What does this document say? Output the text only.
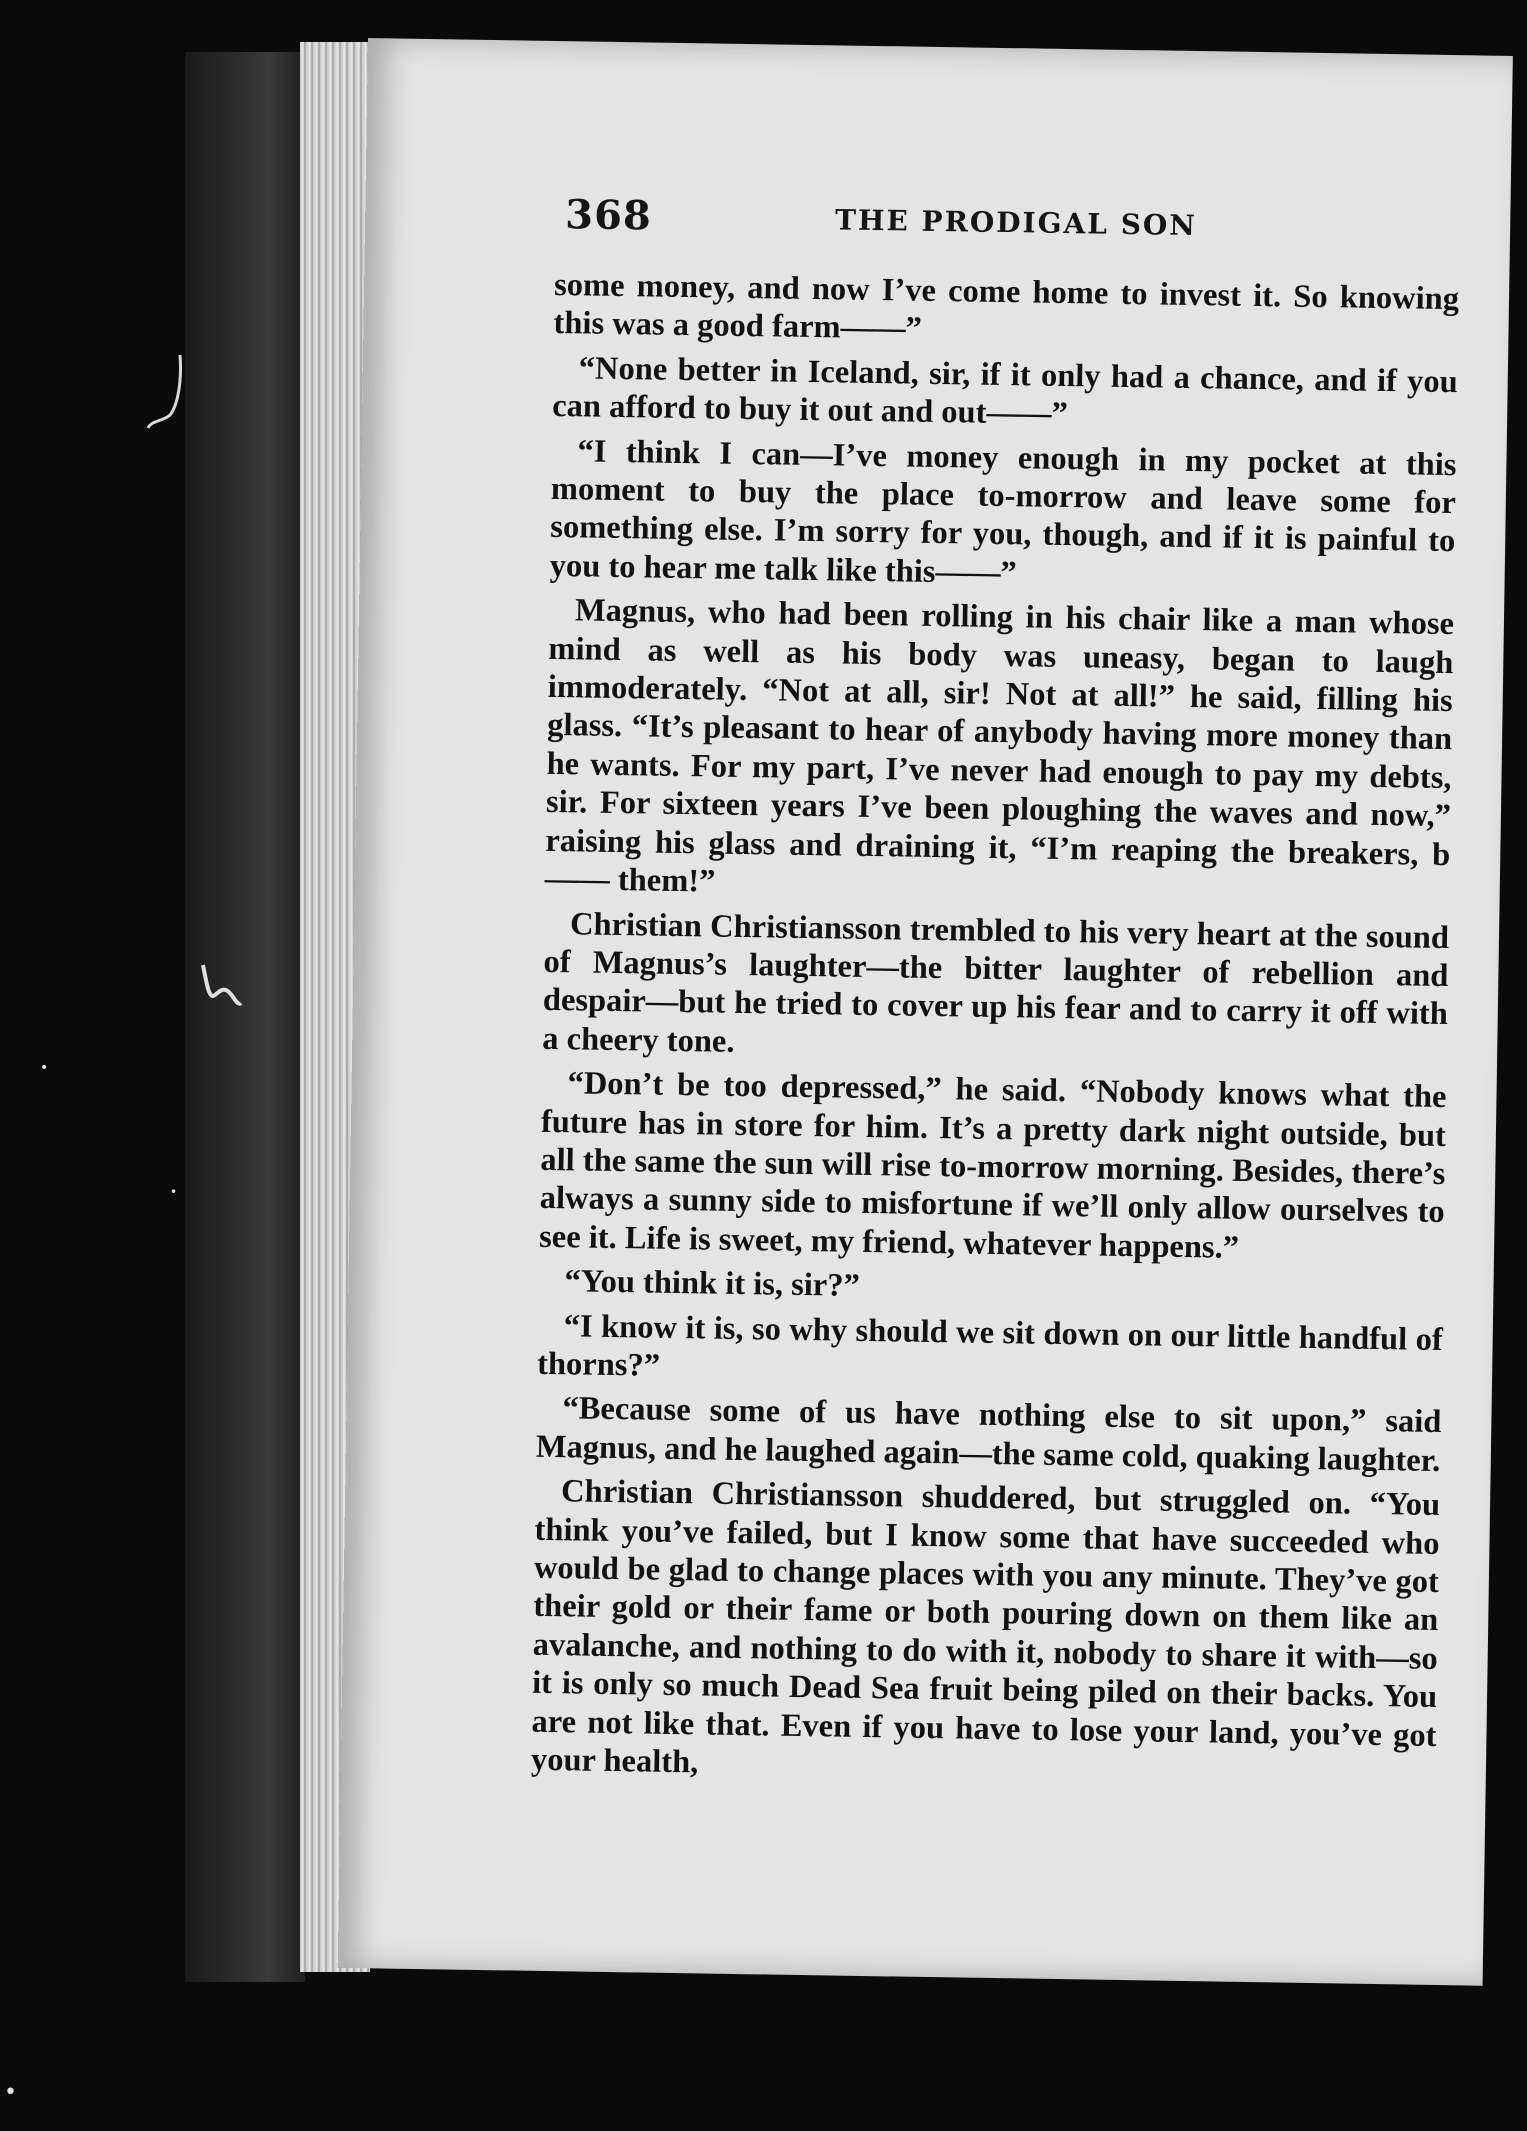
368	THE PRODIGAL SON

some money, and now I’ve come home to invest it. So knowing this was a good farm——”

“None better in Iceland, sir, if it only had a chance, and if you can afford to buy it out and out——”

“I think I can—I’ve money enough in my pocket at this moment to buy the place to-morrow and leave some for something else. I’m sorry for you, though, and if it is painful to you to hear me talk like this——”

Magnus, who had been rolling in his chair like a man whose mind as well as his body was uneasy, began to laugh immoderately. “Not at all, sir! Not at all!” he said, filling his glass. “It’s pleasant to hear of anybody having more money than he wants. For my part, I’ve never had enough to pay my debts, sir. For sixteen years I’ve been ploughing the waves and now,” raising his glass and draining it, “I’m reaping the breakers, b—— them!”

Christian Christiansson trembled to his very heart at the sound of Magnus’s laughter—the bitter laughter of rebellion and despair—but he tried to cover up his fear and to carry it off with a cheery tone.

“Don’t be too depressed,” he said. “Nobody knows what the future has in store for him. It’s a pretty dark night outside, but all the same the sun will rise to-morrow morning. Besides, there’s always a sunny side to misfortune if we’ll only allow ourselves to see it. Life is sweet, my friend, whatever happens.”

“You think it is, sir?”

“I know it is, so why should we sit down on our little handful of thorns?”

“Because some of us have nothing else to sit upon,” said Magnus, and he laughed again—the same cold, quaking laughter.

Christian Christiansson shuddered, but struggled on. “You think you’ve failed, but I know some that have succeeded who would be glad to change places with you any minute. They’ve got their gold or their fame or both pouring down on them like an avalanche, and nothing to do with it, nobody to share it with—so it is only so much Dead Sea fruit being piled on their backs. You are not like that. Even if you have to lose your land, you’ve got your health,

•
•
•
